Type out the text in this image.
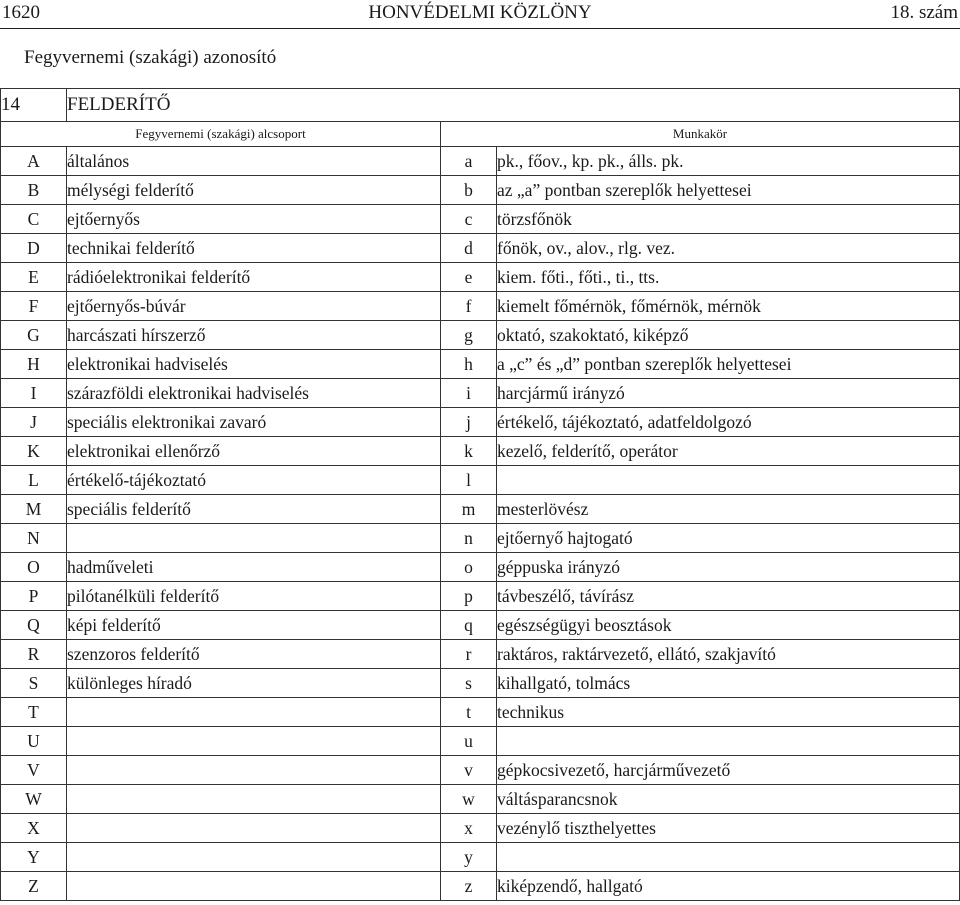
HONVÉDELMI KÖZLÖNY
1620	18. szám
Fegyvernemi (szakági) azonosító
14	FELDERÍTŐ		
Fegyvernemi (szakági) alcsoport		Munkakör	
A	általános	a	pk., főov., kp. pk., álls. pk.
B	mélységi felderítő	b	az „a” pontban szereplők helyettesei
C	ejtőernyős	c	törzsfőnök
D	technikai felderítő	d	főnök, ov., alov., rlg. vez.
E	rádióelektronikai felderítő	e	kiem. főti., főti., ti., tts.
F	ejtőernyős-búvár	f	kiemelt főmérnök, főmérnök, mérnök
G	harcászati hírszerző	g	oktató, szakoktató, kiképző
H	elektronikai hadviselés	h	a „c” és „d” pontban szereplők helyettesei
I	szárazföldi elektronikai hadviselés	i	harcjármű irányzó
J	speciális elektronikai zavaró	j	értékelő, tájékoztató, adatfeldolgozó
K	elektronikai ellenőrző	k	kezelő, felderítő, operátor
L	értékelő-tájékoztató	l	
M	speciális felderítő	m	mesterlövész
N		n	ejtőernyő hajtogató
O	hadműveleti	o	géppuska irányzó
P	pilótanélküli felderítő	p	távbeszélő, távírász
Q	képi felderítő	q	egészségügyi beosztások
R	szenzoros felderítő	r	raktáros, raktárvezető, ellátó, szakjavító
S	különleges híradó	s	kihallgató, tolmács
T		t	technikus
U		u	
V		v	gépkocsivezető, harcjárművezető
W		w	váltásparancsnok
X		x	vezénylő tiszthelyettes
Y		y	
Z		z	kiképzendő, hallgató
